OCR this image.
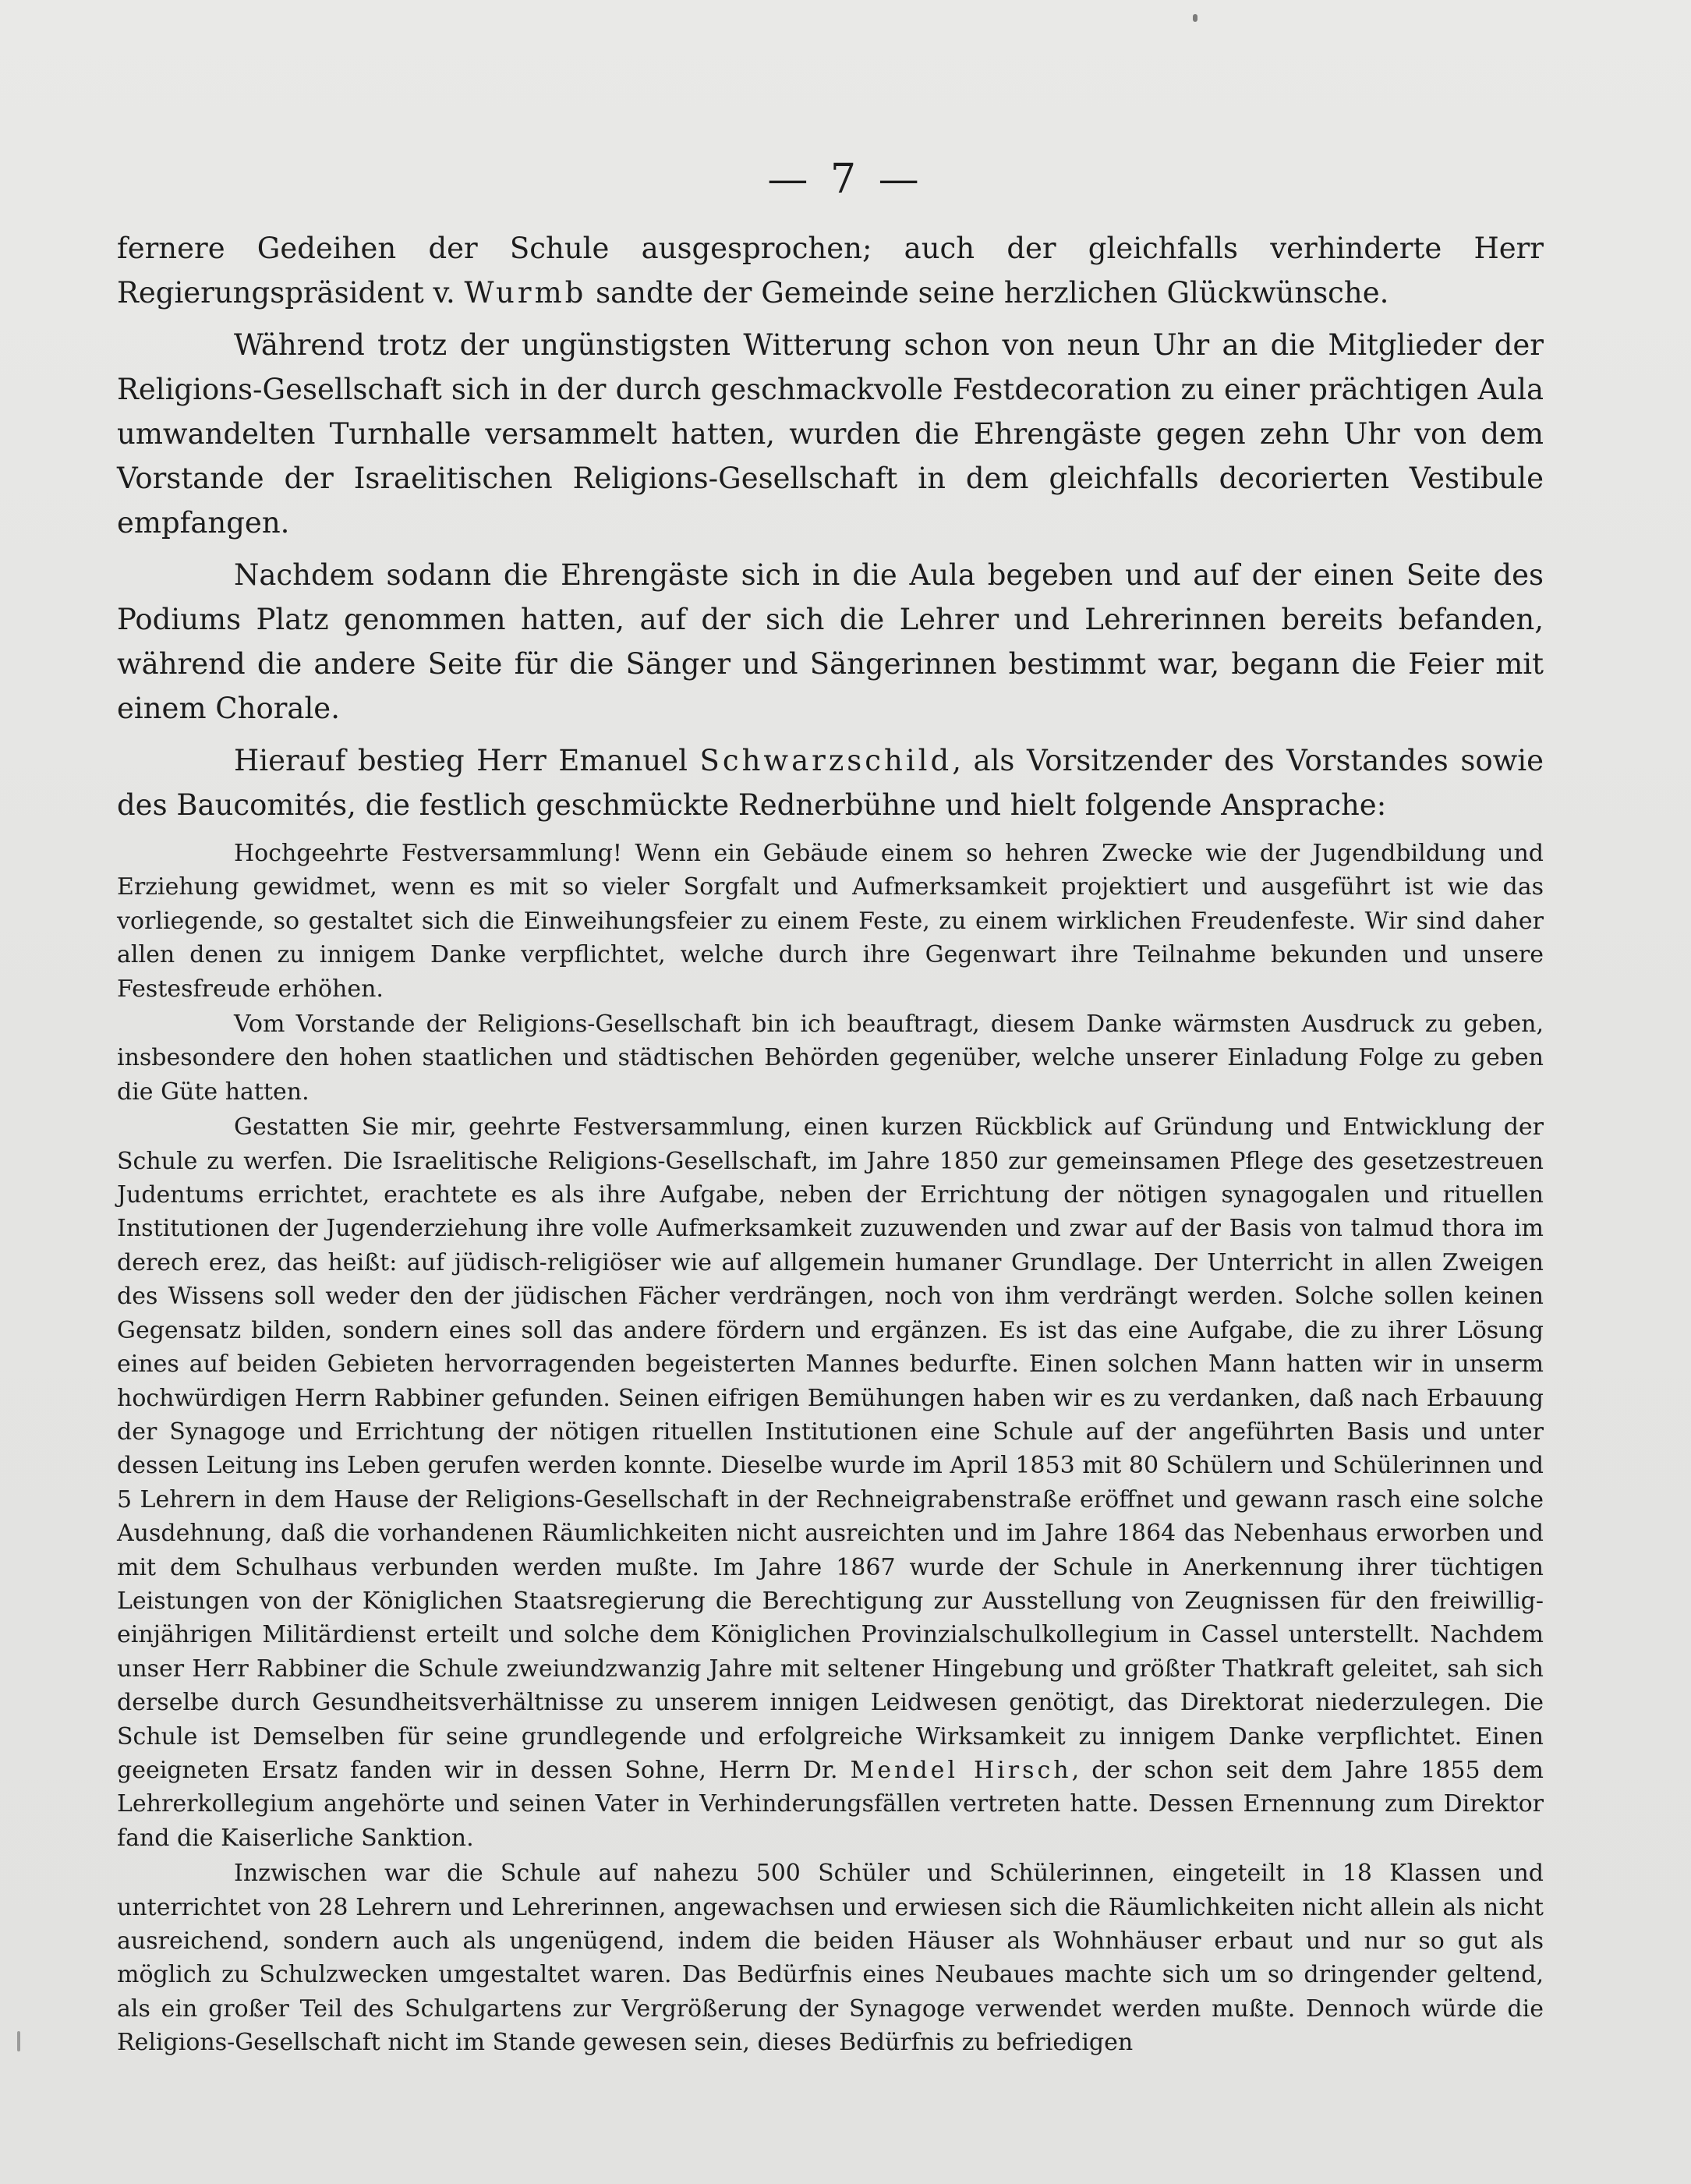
— 7 —

fernere Gedeihen der Schule ausgesprochen; auch der gleichfalls verhinderte Herr Regierungspräsident v. Wurmb sandte der Gemeinde seine herzlichen Glückwünsche.

Während trotz der ungünstigsten Witterung schon von neun Uhr an die Mitglieder der Religions-Gesellschaft sich in der durch geschmackvolle Festdecoration zu einer prächtigen Aula umwandelten Turnhalle versammelt hatten, wurden die Ehrengäste gegen zehn Uhr von dem Vorstande der Israelitischen Religions-Gesellschaft in dem gleichfalls decorierten Vestibule empfangen.

Nachdem sodann die Ehrengäste sich in die Aula begeben und auf der einen Seite des Podiums Platz genommen hatten, auf der sich die Lehrer und Lehrerinnen bereits befanden, während die andere Seite für die Sänger und Sängerinnen bestimmt war, begann die Feier mit einem Chorale.

Hierauf bestieg Herr Emanuel Schwarzschild, als Vorsitzender des Vorstandes sowie des Baucomités, die festlich geschmückte Rednerbühne und hielt folgende Ansprache:

Hochgeehrte Festversammlung! Wenn ein Gebäude einem so hehren Zwecke wie der Jugendbildung und Erziehung gewidmet, wenn es mit so vieler Sorgfalt und Aufmerksamkeit projektiert und ausgeführt ist wie das vorliegende, so gestaltet sich die Einweihungsfeier zu einem Feste, zu einem wirklichen Freudenfeste. Wir sind daher allen denen zu innigem Danke verpflichtet, welche durch ihre Gegenwart ihre Teilnahme bekunden und unsere Festesfreude erhöhen.

Vom Vorstande der Religions-Gesellschaft bin ich beauftragt, diesem Danke wärmsten Ausdruck zu geben, insbesondere den hohen staatlichen und städtischen Behörden gegenüber, welche unserer Einladung Folge zu geben die Güte hatten.

Gestatten Sie mir, geehrte Festversammlung, einen kurzen Rückblick auf Gründung und Entwicklung der Schule zu werfen. Die Israelitische Religions-Gesellschaft, im Jahre 1850 zur gemeinsamen Pflege des gesetzestreuen Judentums errichtet, erachtete es als ihre Aufgabe, neben der Errichtung der nötigen synagogalen und rituellen Institutionen der Jugenderziehung ihre volle Aufmerksamkeit zuzuwenden und zwar auf der Basis von talmud thora im derech erez, das heißt: auf jüdisch-religiöser wie auf allgemein humaner Grundlage. Der Unterricht in allen Zweigen des Wissens soll weder den der jüdischen Fächer verdrängen, noch von ihm verdrängt werden. Solche sollen keinen Gegensatz bilden, sondern eines soll das andere fördern und ergänzen. Es ist das eine Aufgabe, die zu ihrer Lösung eines auf beiden Gebieten hervorragenden begeisterten Mannes bedurfte. Einen solchen Mann hatten wir in unserm hochwürdigen Herrn Rabbiner gefunden. Seinen eifrigen Bemühungen haben wir es zu verdanken, daß nach Erbauung der Synagoge und Errichtung der nötigen rituellen Institutionen eine Schule auf der angeführten Basis und unter dessen Leitung ins Leben gerufen werden konnte. Dieselbe wurde im April 1853 mit 80 Schülern und Schülerinnen und 5 Lehrern in dem Hause der Religions-Gesellschaft in der Rechneigrabenstraße eröffnet und gewann rasch eine solche Ausdehnung, daß die vorhandenen Räumlichkeiten nicht ausreichten und im Jahre 1864 das Nebenhaus erworben und mit dem Schulhaus verbunden werden mußte. Im Jahre 1867 wurde der Schule in Anerkennung ihrer tüchtigen Leistungen von der Königlichen Staatsregierung die Berechtigung zur Ausstellung von Zeugnissen für den freiwillig-einjährigen Militärdienst erteilt und solche dem Königlichen Provinzialschulkollegium in Cassel unterstellt. Nachdem unser Herr Rabbiner die Schule zweiundzwanzig Jahre mit seltener Hingebung und größter Thatkraft geleitet, sah sich derselbe durch Gesundheitsverhältnisse zu unserem innigen Leidwesen genötigt, das Direktorat niederzulegen. Die Schule ist Demselben für seine grundlegende und erfolgreiche Wirksamkeit zu innigem Danke verpflichtet. Einen geeigneten Ersatz fanden wir in dessen Sohne, Herrn Dr. Mendel Hirsch, der schon seit dem Jahre 1855 dem Lehrerkollegium angehörte und seinen Vater in Verhinderungsfällen vertreten hatte. Dessen Ernennung zum Direktor fand die Kaiserliche Sanktion.

Inzwischen war die Schule auf nahezu 500 Schüler und Schülerinnen, eingeteilt in 18 Klassen und unterrichtet von 28 Lehrern und Lehrerinnen, angewachsen und erwiesen sich die Räumlichkeiten nicht allein als nicht ausreichend, sondern auch als ungenügend, indem die beiden Häuser als Wohnhäuser erbaut und nur so gut als möglich zu Schulzwecken umgestaltet waren. Das Bedürfnis eines Neubaues machte sich um so dringender geltend, als ein großer Teil des Schulgartens zur Vergrößerung der Synagoge verwendet werden mußte. Dennoch würde die Religions-Gesellschaft nicht im Stande gewesen sein, dieses Bedürfnis zu befriedigen
